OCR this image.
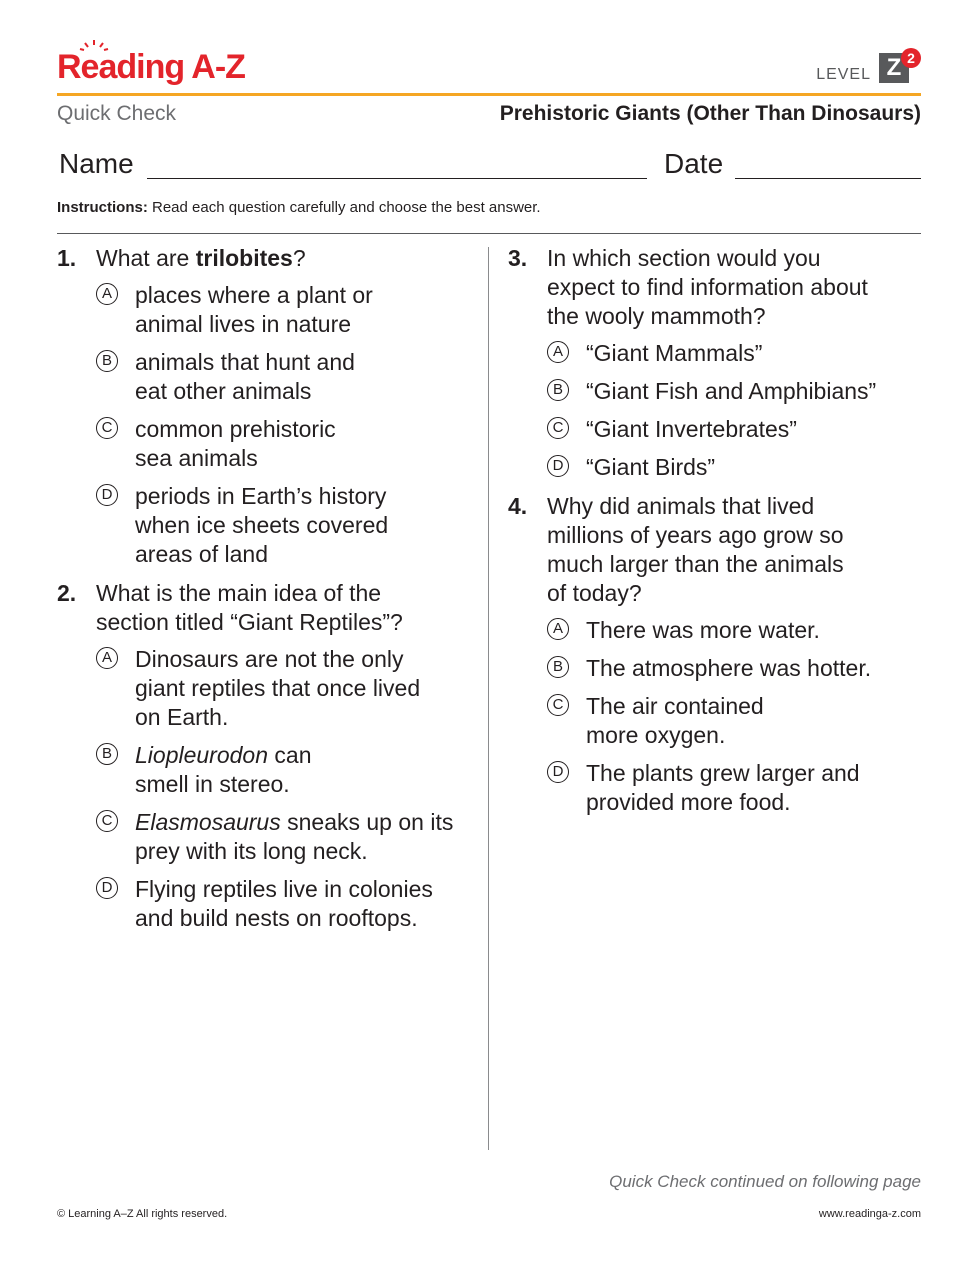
Reading A-Z	LEVEL Z 2
Quick Check	Prehistoric Giants (Other Than Dinosaurs)
Name	Date
Instructions: Read each question carefully and choose the best answer.
1. What are trilobites?
A places where a plant or animal lives in nature
B animals that hunt and eat other animals
C common prehistoric sea animals
D periods in Earth’s history when ice sheets covered areas of land
2. What is the main idea of the section titled “Giant Reptiles”?
A Dinosaurs are not the only giant reptiles that once lived on Earth.
B Liopleurodon can smell in stereo.
C Elasmosaurus sneaks up on its prey with its long neck.
D Flying reptiles live in colonies and build nests on rooftops.
3. In which section would you expect to find information about the wooly mammoth?
A “Giant Mammals”
B “Giant Fish and Amphibians”
C “Giant Invertebrates”
D “Giant Birds”
4. Why did animals that lived millions of years ago grow so much larger than the animals of today?
A There was more water.
B The atmosphere was hotter.
C The air contained more oxygen.
D The plants grew larger and provided more food.
Quick Check continued on following page
© Learning A–Z All rights reserved.	www.readinga-z.com
